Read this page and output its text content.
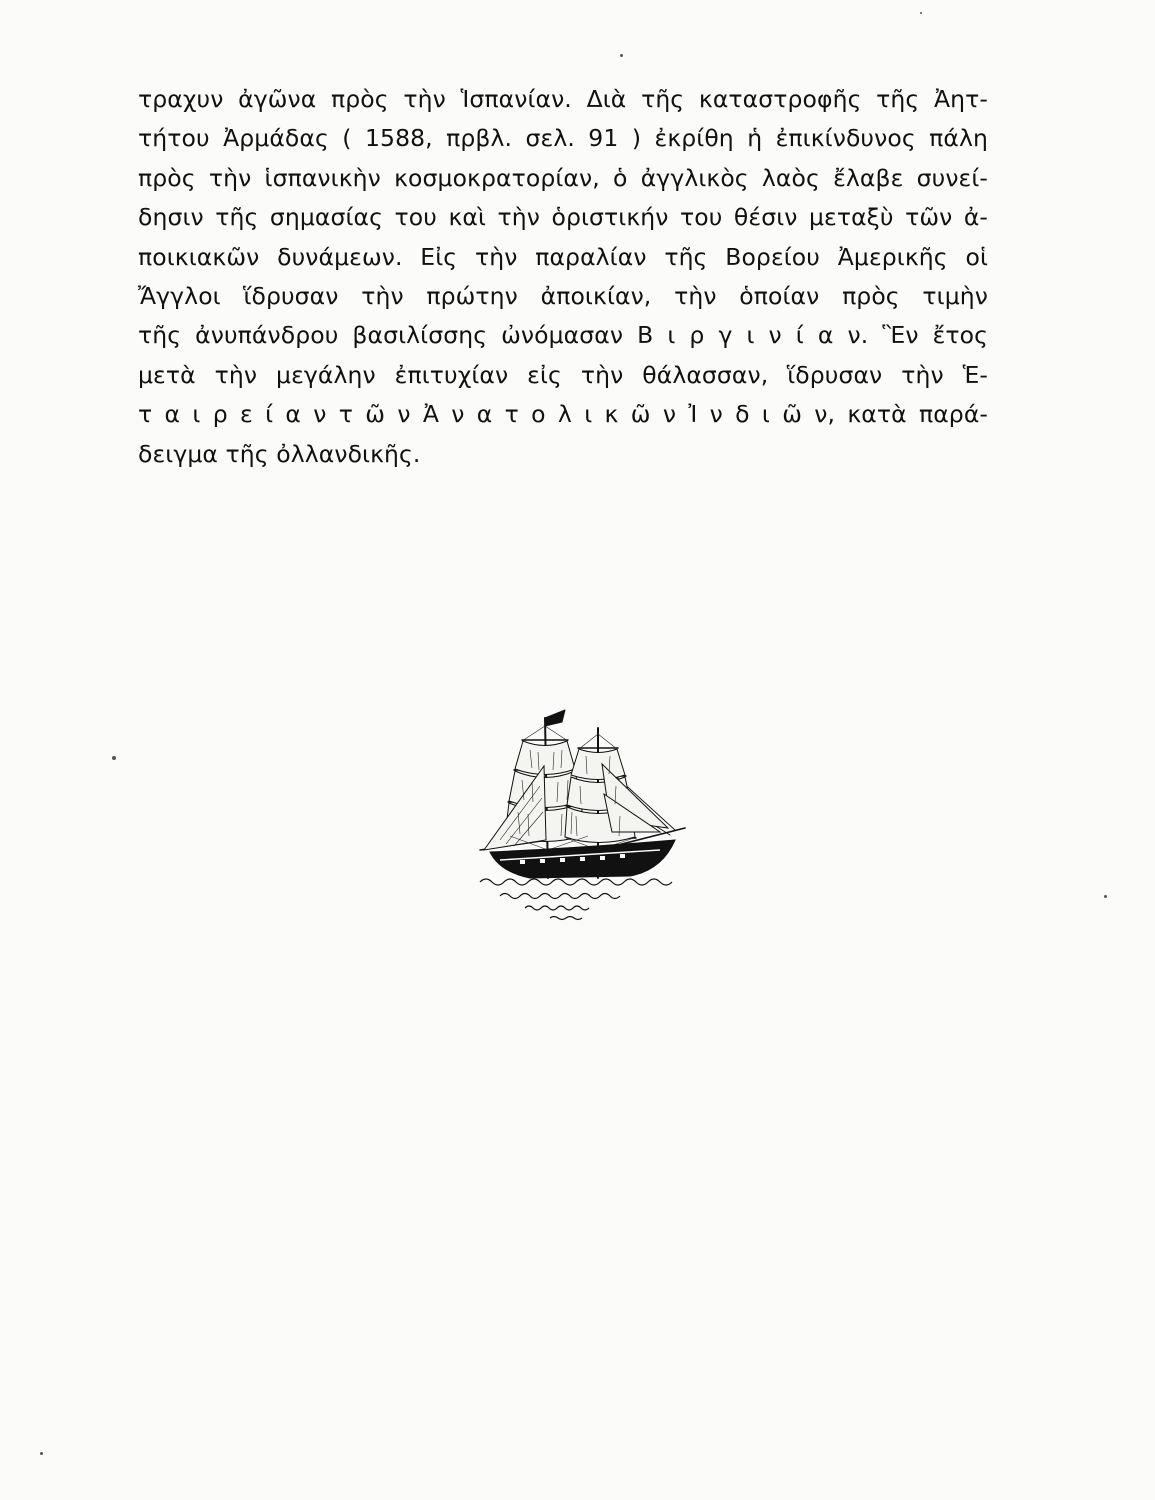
τραχυν ἀγῶνα πρὸς τὴν Ἱσπανίαν. Διὰ τῆς καταστροφῆς τῆς Ἀητ-
τήτου Ἀρμάδας ( 1588, πρβλ. σελ. 91 ) ἐκρίθη ἡ ἐπικίνδυνος πάλη
πρὸς τὴν ἱσπανικὴν κοσμοκρατορίαν, ὁ ἀγγλικὸς λαὸς ἔλαβε συνεί-
δησιν τῆς σημασίας του καὶ τὴν ὁριστικήν του θέσιν μεταξὺ τῶν ἀ-
ποικιακῶν δυνάμεων. Εἰς τὴν παραλίαν τῆς Βορείου Ἀμερικῆς οἱ
Ἄγγλοι ἵδρυσαν τὴν πρώτην ἀποικίαν, τὴν ὁποίαν πρὸς τιμὴν
τῆς ἀνυπάνδρου βασιλίσσης ὠνόμασαν Β ι ρ γ ι ν ί α ν. Ἓν ἔτος
μετὰ τὴν μεγάλην ἐπιτυχίαν εἰς τὴν θάλασσαν, ἵδρυσαν τὴν Ἑ-
τ α ι ρ ε ί α ν τ ῶ ν Ἀ ν α τ ο λ ι κ ῶ ν Ἰ ν δ ι ῶ ν, κατὰ παρά-
δειγμα τῆς ὀλλανδικῆς.
